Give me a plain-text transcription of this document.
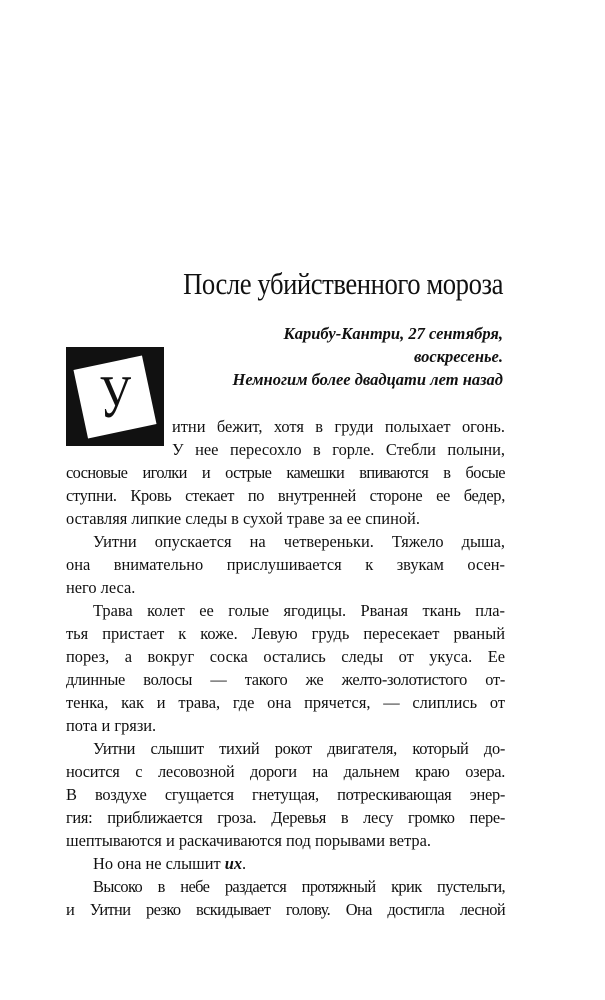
После убийственного мороза
Карибу-Кантри, 27 сентября,
воскресенье.
Немногим более двадцати лет назад
У	итни бежит, хотя в груди полыхает огонь.
У нее пересохло в горле. Стебли полыни,
сосновые иголки и острые камешки впиваются в босые
ступни. Кровь стекает по внутренней стороне ее бедер,
оставляя липкие следы в сухой траве за ее спиной.
Уитни опускается на четвереньки. Тяжело дыша,
она внимательно прислушивается к звукам осен-
него леса.
Трава колет ее голые ягодицы. Рваная ткань пла-
тья пристает к коже. Левую грудь пересекает рваный
порез, а вокруг соска остались следы от укуса. Ее
длинные волосы — такого же желто-золотистого от-
тенка, как и трава, где она прячется, — слиплись от
пота и грязи.
Уитни слышит тихий рокот двигателя, который до-
носится с лесовозной дороги на дальнем краю озера.
В воздухе сгущается гнетущая, потрескивающая энер-
гия: приближается гроза. Деревья в лесу громко пере-
шептываются и раскачиваются под порывами ветра.
Но она не слышит их.
Высоко в небе раздается протяжный крик пустельги,
и Уитни резко вскидывает голову. Она достигла лесной
